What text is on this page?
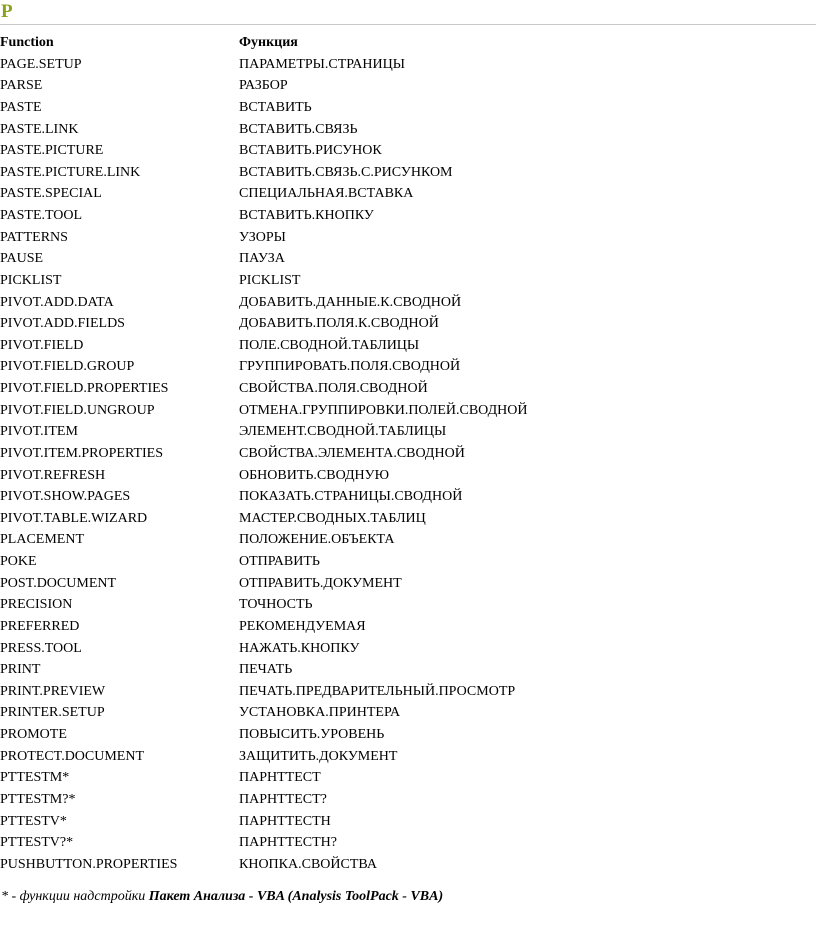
P
Function	Функция
PAGE.SETUP	ПАРАМЕТРЫ.СТРАНИЦЫ
PARSE	РАЗБОР
PASTE	ВСТАВИТЬ
PASTE.LINK	ВСТАВИТЬ.СВЯЗЬ
PASTE.PICTURE	ВСТАВИТЬ.РИСУНОК
PASTE.PICTURE.LINK	ВСТАВИТЬ.СВЯЗЬ.С.РИСУНКОМ
PASTE.SPECIAL	СПЕЦИАЛЬНАЯ.ВСТАВКА
PASTE.TOOL	ВСТАВИТЬ.КНОПКУ
PATTERNS	УЗОРЫ
PAUSE	ПАУЗА
PICKLIST	PICKLIST
PIVOT.ADD.DATA	ДОБАВИТЬ.ДАННЫЕ.К.СВОДНОЙ
PIVOT.ADD.FIELDS	ДОБАВИТЬ.ПОЛЯ.К.СВОДНОЙ
PIVOT.FIELD	ПОЛЕ.СВОДНОЙ.ТАБЛИЦЫ
PIVOT.FIELD.GROUP	ГРУППИРОВАТЬ.ПОЛЯ.СВОДНОЙ
PIVOT.FIELD.PROPERTIES	СВОЙСТВА.ПОЛЯ.СВОДНОЙ
PIVOT.FIELD.UNGROUP	ОТМЕНА.ГРУППИРОВКИ.ПОЛЕЙ.СВОДНОЙ
PIVOT.ITEM	ЭЛЕМЕНТ.СВОДНОЙ.ТАБЛИЦЫ
PIVOT.ITEM.PROPERTIES	СВОЙСТВА.ЭЛЕМЕНТА.СВОДНОЙ
PIVOT.REFRESH	ОБНОВИТЬ.СВОДНУЮ
PIVOT.SHOW.PAGES	ПОКАЗАТЬ.СТРАНИЦЫ.СВОДНОЙ
PIVOT.TABLE.WIZARD	МАСТЕР.СВОДНЫХ.ТАБЛИЦ
PLACEMENT	ПОЛОЖЕНИЕ.ОБЪЕКТА
POKE	ОТПРАВИТЬ
POST.DOCUMENT	ОТПРАВИТЬ.ДОКУМЕНТ
PRECISION	ТОЧНОСТЬ
PREFERRED	РЕКОМЕНДУЕМАЯ
PRESS.TOOL	НАЖАТЬ.КНОПКУ
PRINT	ПЕЧАТЬ
PRINT.PREVIEW	ПЕЧАТЬ.ПРЕДВАРИТЕЛЬНЫЙ.ПРОСМОТР
PRINTER.SETUP	УСТАНОВКА.ПРИНТЕРА
PROMOTE	ПОВЫСИТЬ.УРОВЕНЬ
PROTECT.DOCUMENT	ЗАЩИТИТЬ.ДОКУМЕНТ
PTTESTM*	ПАРНТТЕСТ
PTTESTM?*	ПАРНТТЕСТ?
PTTESTV*	ПАРНТТЕСТН
PTTESTV?*	ПАРНТТЕСТН?
PUSHBUTTON.PROPERTIES	КНОПКА.СВОЙСТВА
* - функции надстройки Пакет Анализа - VBA (Analysis ToolPack - VBA)
